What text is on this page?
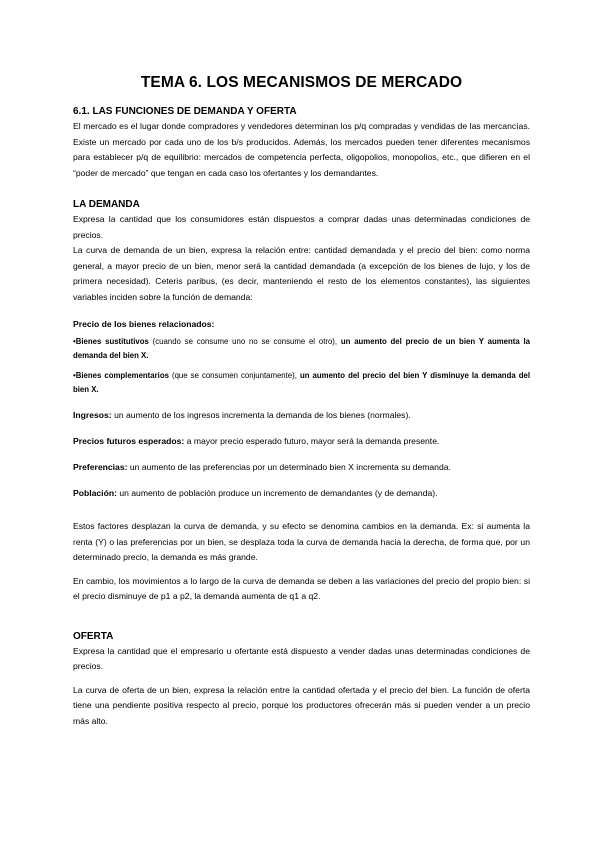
TEMA 6. LOS MECANISMOS DE MERCADO
6.1. LAS FUNCIONES DE DEMANDA Y OFERTA

El mercado es el lugar donde compradores y vendedores determinan los p/q compradas y vendidas de las mercancías. Existe un mercado por cada uno de los b/s producidos. Además, los mercados pueden tener diferentes mecanismos para establecer p/q de equilibrio: mercados de competencia perfecta, oligopolios, monopolios, etc., que difieren en el “poder de mercado” que tengan en cada caso los ofertantes y los demandantes.

LA DEMANDA

Expresa la cantidad que los consumidores están dispuestos a comprar dadas unas determinadas condiciones de precios.

La curva de demanda de un bien, expresa la relación entre: cantidad demandada y el precio del bien: como norma general, a mayor precio de un bien, menor será la cantidad demandada (a excepción de los bienes de lujo, y los de primera necesidad). Ceteris paribus, (es decir, manteniendo el resto de los elementos constantes), las siguientes variables inciden sobre la función de demanda:

Precio de los bienes relacionados:

•Bienes sustitutivos (cuando se consume uno no se consume el otro), un aumento del precio de un bien Y aumenta la demanda del bien X.

•Bienes complementarios (que se consumen conjuntamente), un aumento del precio del bien Y disminuye la demanda del bien X.

Ingresos: un aumento de los ingresos incrementa la demanda de los bienes (normales).

Precios futuros esperados: a mayor precio esperado futuro, mayor será la demanda presente.

Preferencias: un aumento de las preferencias por un determinado bien X incrementa su demanda.

Población: un aumento de población produce un incremento de demandantes (y de demanda).

Estos factores desplazan la curva de demanda, y su efecto se denomina cambios en la demanda. Ex: si aumenta la renta (Y) o las preferencias por un bien, se desplaza toda la curva de demanda hacia la derecha, de forma que, por un determinado precio, la demanda es más grande.

En cambio, los movimientos a lo largo de la curva de demanda se deben a las variaciones del precio del propio bien: si el precio disminuye de p1 a p2, la demanda aumenta de q1 a q2.

OFERTA

Expresa la cantidad que el empresario u ofertante está dispuesto a vender dadas unas determinadas condiciones de precios.

La curva de oferta de un bien, expresa la relación entre la cantidad ofertada y el precio del bien. La función de oferta tiene una pendiente positiva respecto al precio, porque los productores ofrecerán más si pueden vender a un precio más alto.
